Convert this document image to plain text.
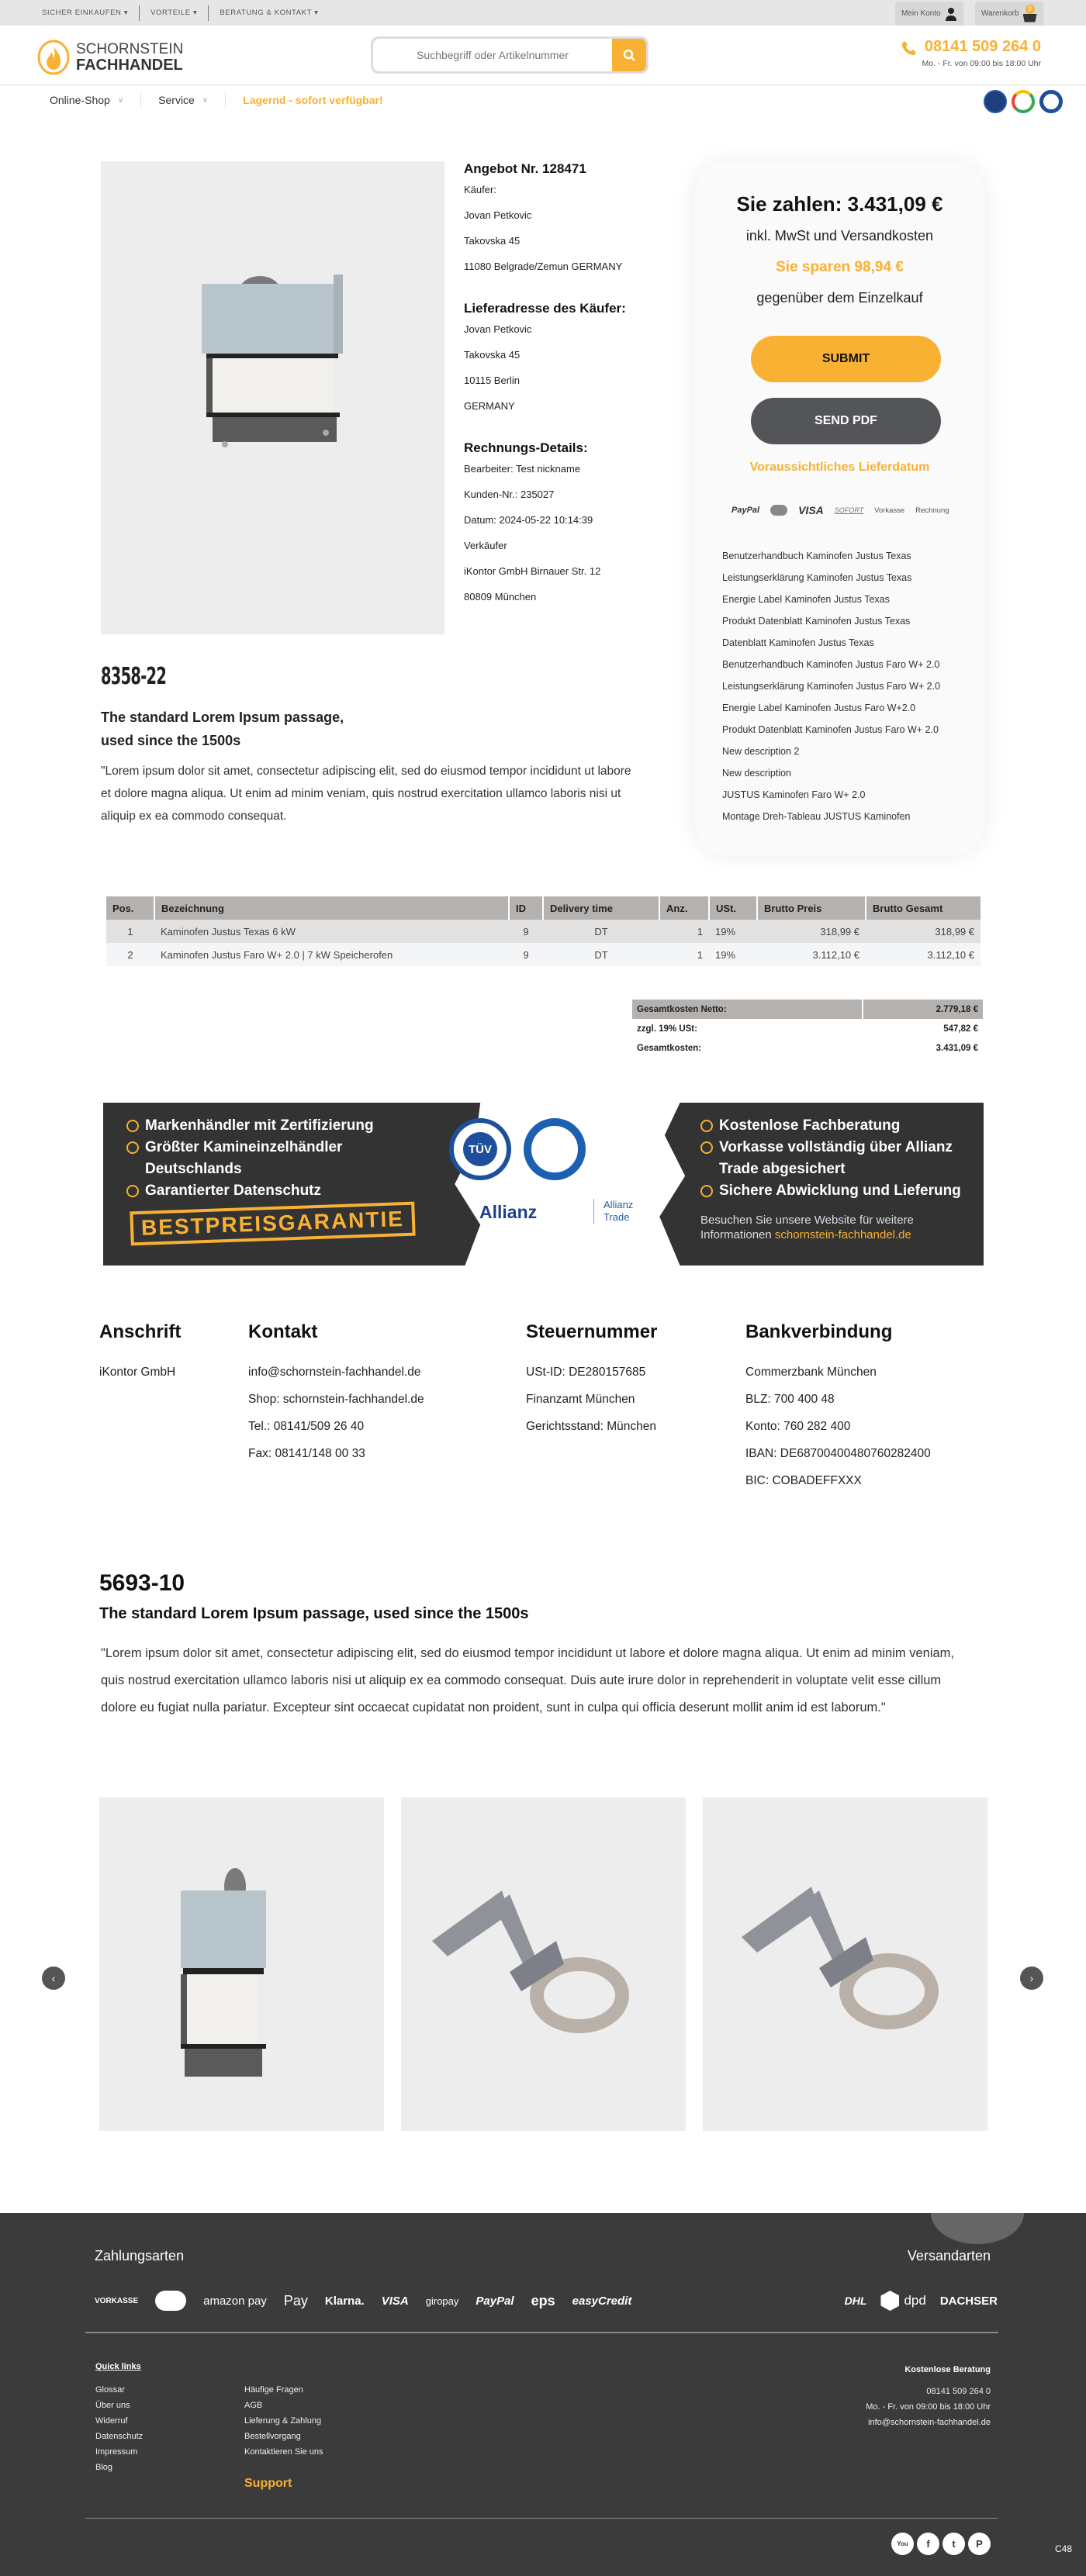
SICHER EINKAUFEN ▾	VORTEILE ▾	BERATUNG & KONTAKT ▾	Mein Konto	Warenkorb
0
SCHORNSTEIN
FACHHANDEL
Suchbegriff oder Artikelnummer
08141 509 264 0
Mo. - Fr. von 09:00 bis 18:00 Uhr
Online-Shop ∨	Service ∨	Lagernd - sofort verfügbar!
Angebot Nr. 128471

Käufer:

Jovan Petkovic

Takovska 45

11080 Belgrade/Zemun GERMANY

Lieferadresse des Käufer:

Jovan Petkovic

Takovska 45

10115 Berlin

GERMANY

Rechnungs-Details:

Bearbeiter: Test nickname

Kunden-Nr.: 235027

Datum: 2024-05-22 10:14:39

Verkäufer

iKontor GmbH Birnauer Str. 12

80809 München

8358-22
The standard Lorem Ipsum passage, used since the 1500s
"Lorem ipsum dolor sit amet, consectetur adipiscing elit, sed do eiusmod tempor incididunt ut labore et dolore magna aliqua. Ut enim ad minim veniam, quis nostrud exercitation ullamco laboris nisi ut aliquip ex ea commodo consequat.
Sie zahlen: 3.431,09 €
inkl. MwSt und Versandkosten
Sie sparen 98,94 €
gegenüber dem Einzelkauf
SUBMIT
SEND PDF
Voraussichtliches Lieferdatum
PayPal	VISA SOFORT Vorkasse Rechnung
Benutzerhandbuch Kaminofen Justus Texas
Leistungserklärung Kaminofen Justus Texas
Energie Label Kaminofen Justus Texas
Produkt Datenblatt Kaminofen Justus Texas
Datenblatt Kaminofen Justus Texas
Benutzerhandbuch Kaminofen Justus Faro W+ 2.0
Leistungserklärung Kaminofen Justus Faro W+ 2.0
Energie Label Kaminofen Justus Faro W+2.0
Produkt Datenblatt Kaminofen Justus Faro W+ 2.0
New description 2
New description
JUSTUS Kaminofen Faro W+ 2.0
Montage Dreh-Tableau JUSTUS Kaminofen
Pos.	Bezeichnung	ID	Delivery time	Anz.	USt.	Brutto Preis	Brutto Gesamt
1	Kaminofen Justus Texas 6 kW	9	DT	1	19%	318,99 €	318,99 €
2	Kaminofen Justus Faro W+ 2.0 | 7 kW Speicherofen	9	DT	1	19%	3.112,10 €	3.112,10 €
Gesamtkosten Netto:	2.779,18 €
zzgl. 19% USt:	547,82 €
Gesamtkosten:	3.431,09 €
Markenhändler mit Zertifizierung
Größter Kamineinzelhändler Deutschlands
Garantierter Datenschutz
BESTPREISGARANTIE
TÜV
Allianz	Allianz Trade
Kostenlose Fachberatung
Vorkasse vollständig über Allianz Trade abgesichert
Sichere Abwicklung und Lieferung
Besuchen Sie unsere Website für weitere Informationen schornstein-fachhandel.de
Anschrift
iKontor GmbH
Kontakt
info@schornstein-fachhandel.de
Shop: schornstein-fachhandel.de
Tel.: 08141/509 26 40
Fax: 08141/148 00 33
Steuernummer
USt-ID: DE280157685
Finanzamt München
Gerichtsstand: München
Bankverbindung
Commerzbank München
BLZ: 700 400 48
Konto: 760 282 400
IBAN: DE68700400480760282400
BIC: COBADEFFXXX
5693-10
The standard Lorem Ipsum passage, used since the 1500s
"Lorem ipsum dolor sit amet, consectetur adipiscing elit, sed do eiusmod tempor incididunt ut labore et dolore magna aliqua. Ut enim ad minim veniam, quis nostrud exercitation ullamco laboris nisi ut aliquip ex ea commodo consequat. Duis aute irure dolor in reprehenderit in voluptate velit esse cillum dolore eu fugiat nulla pariatur. Excepteur sint occaecat cupidatat non proident, sunt in culpa qui officia deserunt mollit anim id est laborum."
‹	›
Zahlungsarten	Versandarten
VORKASSE	amazon pay Pay Klarna. VISA giropay PayPal eps easyCredit	DHL	dpd DACHSER
Quick links
Glossar
Über uns
Widerruf
Datenschutz
Impressum
Blog
Häufige Fragen
AGB
Lieferung & Zahlung
Bestellvorgang
Kontaktieren Sie uns
Support
Kostenlose Beratung
08141 509 264 0
Mo. - Fr. von 09:00 bis 18:00 Uhr
info@schornstein-fachhandel.de
You	f	t	P	C48
